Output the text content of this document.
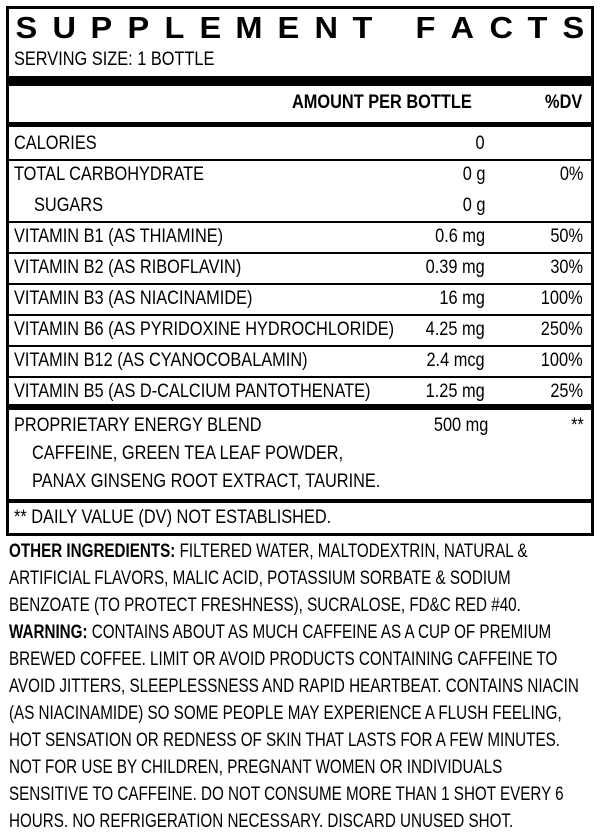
S U P P L E M E N T F A C T S
SERVING SIZE: 1 BOTTLE
AMOUNT PER BOTTLE	%DV
CALORIES	0
TOTAL CARBOHYDRATE	0 g	0%
SUGARS	0 g
VITAMIN B1 (AS THIAMINE)	0.6 mg	50%
VITAMIN B2 (AS RIBOFLAVIN)	0.39 mg	30%
VITAMIN B3 (AS NIACINAMIDE)	16 mg	100%
VITAMIN B6 (AS PYRIDOXINE HYDROCHLORIDE) 4.25 mg	250%
VITAMIN B12 (AS CYANOCOBALAMIN)	2.4 mcg	100%
VITAMIN B5 (AS D-CALCIUM PANTOTHENATE)	1.25 mg	25%
PROPRIETARY ENERGY BLEND	500 mg	**
CAFFEINE, GREEN TEA LEAF POWDER,
PANAX GINSENG ROOT EXTRACT, TAURINE.
** DAILY VALUE (DV) NOT ESTABLISHED.
OTHER INGREDIENTS: FILTERED WATER, MALTODEXTRIN, NATURAL &
ARTIFICIAL FLAVORS, MALIC ACID, POTASSIUM SORBATE & SODIUM
BENZOATE (TO PROTECT FRESHNESS), SUCRALOSE, FD&C RED #40.
WARNING: CONTAINS ABOUT AS MUCH CAFFEINE AS A CUP OF PREMIUM
BREWED COFFEE. LIMIT OR AVOID PRODUCTS CONTAINING CAFFEINE TO
AVOID JITTERS, SLEEPLESSNESS AND RAPID HEARTBEAT. CONTAINS NIACIN
(AS NIACINAMIDE) SO SOME PEOPLE MAY EXPERIENCE A FLUSH FEELING,
HOT SENSATION OR REDNESS OF SKIN THAT LASTS FOR A FEW MINUTES.
NOT FOR USE BY CHILDREN, PREGNANT WOMEN OR INDIVIDUALS
SENSITIVE TO CAFFEINE. DO NOT CONSUME MORE THAN 1 SHOT EVERY 6
HOURS. NO REFRIGERATION NECESSARY. DISCARD UNUSED SHOT.
